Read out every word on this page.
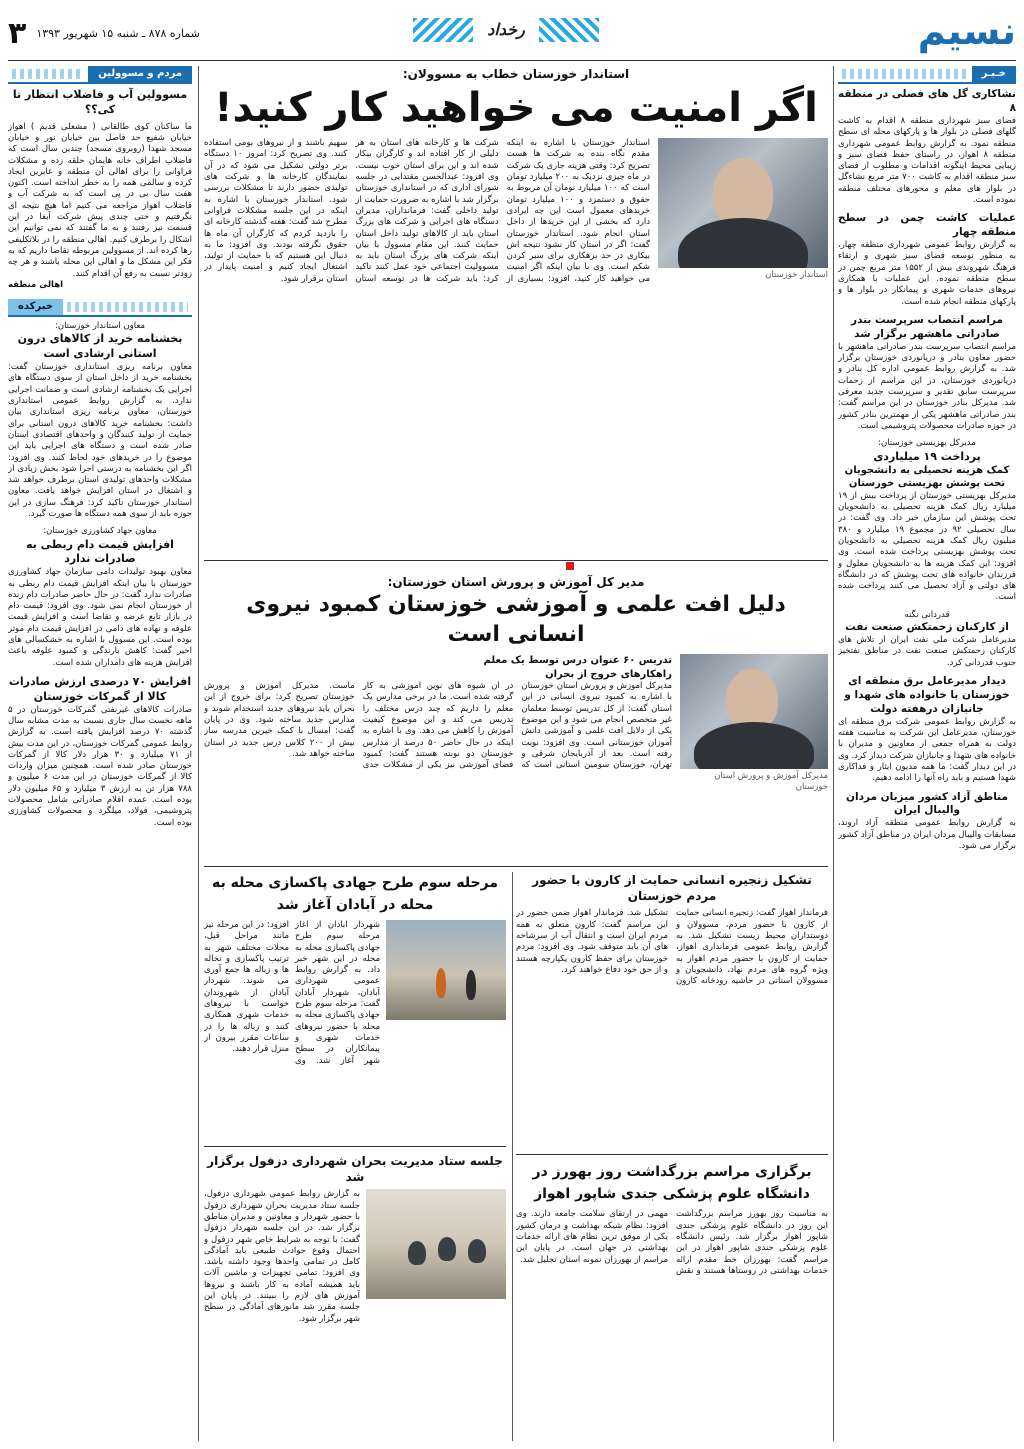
نسیم
رخداد
شماره ۸۷۸ ـ شنبه ۱۵ شهریور ۱۳۹۳
۳
خـبـر
نشاکاری گل های فصلی در منطقه ۸

فضای سبز شهرداری منطقه ۸ اقدام به کاشت گلهای فصلی در بلوار ها و پارکهای محله ای سطح منطقه نمود. به گزارش روابط عمومی شهرداری منطقه ۸ اهواز، در راستای حفظ فضای سبز و زیبایی محیط اینگونه اقدامات و مطلوب از فضای سبز منطقه اقدام به کاشت ۷۰۰ متر مربع نشاءگل در بلوار های معلم و محورهای مختلف منطقه نموده است.

عملیات کاشت چمن در سطح منطقه چهار

به گزارش روابط عمومی شهرداری منطقه چهار، به منظور توسعه فضای سبز شهری و ارتقاء فرهنگ شهروندی بیش از ۱۵۵۲ متر مربع چمن در سطح منطقه نموده. این عملیات با همکاری نیروهای خدمات شهری و پیمانکار در بلوار ها و پارکهای منطقه انجام شده است.

مراسم انتصاب سرپرست بندر صادراتی ماهشهر برگزار شد

مراسم انتصاب سرپرست بندر صادراتی ماهشهر با حضور معاون بنادر و دریانوردی خوزستان برگزار شد. به گزارش روابط عمومی اداره کل بنادر و دریانوردی خوزستان، در این مراسم از زحمات سرپرست سابق تقدیر و سرپرست جدید معرفی شد. مدیرکل بنادر خوزستان در این مراسم گفت: بندر صادراتی ماهشهر یکی از مهمترین بنادر کشور در حوزه صادرات محصولات پتروشیمی است.

مدیرکل بهزیستی خوزستان:
پرداخت ۱۹ میلیاردی
کمک هزینه تحصیلی به دانشجویان تحت پوشش بهزیستی خوزستان

مدیرکل بهزیستی خوزستان از پرداخت بیش از ۱۹ میلیارد ریال کمک هزینه تحصیلی به دانشجویان تحت پوشش این سازمان خبر داد. وی گفت: در سال تحصیلی ۹۲ در مجموع ۱۹ میلیارد و ۳۸۰ میلیون ریال کمک هزینه تحصیلی به دانشجویان تحت پوشش بهزیستی پرداخت شده است. وی افزود: این کمک هزینه ها به دانشجویان معلول و فرزندان خانواده های تحت پوشش که در دانشگاه های دولتی و آزاد تحصیل می کنند پرداخت شده است.

قدردانی نگنه
از کارکنان زحمتکش صنعت نفت

مدیرعامل شرکت ملی نفت ایران از تلاش های کارکنان زحمتکش صنعت نفت در مناطق نفتخیز جنوب قدردانی کرد.

دیدار مدیرعامل برق منطقه ای خوزستان با خانواده های شهدا و جانبازان درهفته دولت

به گزارش روابط عمومی شرکت برق منطقه ای خوزستان، مدیرعامل این شرکت به مناسبت هفته دولت به همراه جمعی از معاونین و مدیران با خانواده های شهدا و جانبازان شرکت دیدار کرد. وی در این دیدار گفت: ما همه مدیون ایثار و فداکاری شهدا هستیم و باید راه آنها را ادامه دهیم.

مناطق آزاد کشور میزبان مردان والیبال ایران

به گزارش روابط عمومی منطقه آزاد اروند، مسابقات والیبال مردان ایران در مناطق آزاد کشور برگزار می شود.

مردم و مسوولین
مسوولین آب و فاضلاب انتظار تا کی؟؟

ما ساکنان کوی طالقانی ( مشعلی قدیم ) اهواز خیابان شفیع حد فاصل بین خیابان نور و خیابان مسجد شهدا (روبروی مسجد) چندین سال است که فاضلاب اطراف خانه هایمان حلقه زده و مشکلات فراوانی را برای اهالی آن منطقه و عابرین ایجاد کرده و سالمی همه را به خطر انداخته است. اکنون هفت سال بی در پی است که به شرکت آب و فاضلاب اهواز مراجعه می کنیم اما هیچ نتیجه ای نگرفتیم و حتی چندی پیش شرکت آبفا در این قسمت نیز رفتند و به ما گفتند که نمی توانیم این اشکال را برطرف کنیم. اهالی منطقه را در بلاتکلیفی رها کرده اند. از مسوولین مربوطه تقاضا داریم که به فکر این مشکل ما و اهالی این محله باشند و هر چه زودتر نسبت به رفع آن اقدام کنند.

اهالی منطقه
خبرکده
معاون استاندار خوزستان:
بخشنامه خرید از کالاهای درون استانی ارشادی است

معاون برنامه ریزی استانداری خوزستان گفت: بخشنامه خرید از داخل استان از سوی دستگاه های اجرایی یک بخشنامه ارشادی است و ضمانت اجرایی ندارد. به گزارش روابط عمومی استانداری خوزستان، معاون برنامه ریزی استانداری بیان داشت: بخشنامه خرید کالاهای درون استانی برای حمایت از تولید کنندگان و واحدهای اقتصادی استان صادر شده است و دستگاه های اجرایی باید این موضوع را در خریدهای خود لحاظ کنند. وی افزود: اگر این بخشنامه به درستی اجرا شود بخش زیادی از مشکلات واحدهای تولیدی استان برطرف خواهد شد و اشتغال در استان افزایش خواهد یافت. معاون استاندار خوزستان تاکید کرد: فرهنگ سازی در این حوزه باید از سوی همه دستگاه ها صورت گیرد.

معاون جهاد کشاورزی خوزستان:
افزایش قیمت دام ربطی به صادرات ندارد

معاون بهبود تولیدات دامی سازمان جهاد کشاورزی خوزستان با بیان اینکه افزایش قیمت دام ربطی به صادرات ندارد گفت: در حال حاضر صادرات دام زنده از خوزستان انجام نمی شود. وی افزود: قیمت دام در بازار تابع عرضه و تقاضا است و افزایش قیمت علوفه و نهاده های دامی در افزایش قیمت دام موثر بوده است. این مسوول با اشاره به خشکسالی های اخیر گفت: کاهش بارندگی و کمبود علوفه باعث افزایش هزینه های دامداران شده است.

افزایش ۷۰ درصدی ارزش صادرات کالا از گمرکات خوزستان

صادرات کالاهای غیرنفتی گمرکات خوزستان در ۵ ماهه نخست سال جاری نسبت به مدت مشابه سال گذشته ۷۰ درصد افزایش یافته است. به گزارش روابط عمومی گمرکات خوزستان، در این مدت بیش از ۷۱ میلیارد و ۳۰ هزار دلار کالا از گمرکات خوزستان صادر شده است. همچنین میزان واردات کالا از گمرکات خوزستان در این مدت ۶ میلیون و ۷۸۸ هزار تن به ارزش ۳ میلیارد و ۶۵ میلیون دلار بوده است. عمده اقلام صادراتی شامل محصولات پتروشیمی، فولاد، میلگرد و محصولات کشاورزی بوده است.

استاندار خوزستان خطاب به مسوولان:
اگر امنیت می خواهید کار کنید!
استاندار خوزستان

استاندار خوزستان با اشاره به اینکه مقدم نگاه بنده به شرکت ها هست تصریح کرد: وقتی هزینه جاری یک شرکت در ماه چیزی نزدیک به ۲۰۰ میلیارد تومان است که ۱۰۰ میلیارد تومان آن مربوط به حقوق و دستمزد و ۱۰۰ میلیارد تومان خریدهای معمول است این چه ایرادی دارد که بخشی از این خریدها از داخل استان انجام شود. استاندار خوزستان گفت: اگر در استان کار نشود نتیجه اش بیکاری در حد بزهکاری برای سیر کردن شکم است. وی با بیان اینکه اگر امنیت می خواهید کار کنید، افزود: بسیاری از شرکت ها و کارخانه های استان به هر دلیلی از کار افتاده اند و کارگران بیکار شده اند و این برای استان خوب نیست. وی افزود: عبدالحسن مقتدایی در جلسه شورای اداری که در استانداری خوزستان برگزار شد با اشاره به ضرورت حمایت از تولید داخلی گفت: فرمانداران، مدیران دستگاه های اجرایی و شرکت های بزرگ استان باید از کالاهای تولید داخل استان حمایت کنند. این مقام مسوول با بیان اینکه شرکت های بزرگ استان باید به مسوولیت اجتماعی خود عمل کنند تاکید کرد: باید شرکت ها در توسعه استان سهیم باشند و از نیروهای بومی استفاده کنند. وی تصریح کرد: امروز ۱۰ دستگاه برتر دولتی تشکیل می شود که در آن نمایندگان کارخانه ها و شرکت های تولیدی حضور دارند تا مشکلات بررسی شود. استاندار خوزستان با اشاره به اینکه در این جلسه مشکلات فراوانی مطرح شد گفت: هفته گذشته کارخانه ای را بازدید کردم که کارگران آن ماه ها حقوق نگرفته بودند. وی افزود: ما به دنبال این هستیم که با حمایت از تولید، اشتغال ایجاد کنیم و امنیت پایدار در استان برقرار شود.

مدیر کل آموزش و پرورش استان خوزستان:
دلیل افت علمی و آموزشی خوزستان کمبود نیروی انسانی است
مدیرکل آموزش و پرورش استان خوزستان
تدریس ۶۰ عنوان درس توسط یک معلم
راهکارهای خروج از بحران

مدیرکل آموزش و پرورش استان خوزستان با اشاره به کمبود نیروی انسانی در این استان گفت: از کل تدریس توسط معلمان غیر متخصص انجام می شود و این موضوع یکی از دلایل افت علمی و آموزشی دانش آموزان خوزستانی است. وی افزود: نوبت رفته است. بعد از آذربایجان شرقی و تهران، خوزستان سومین استانی است که در آن شیوه های نوین آموزشی به کار گرفته شده است. ما در برخی مدارس یک معلم را داریم که چند درس مختلف را تدریس می کند و این موضوع کیفیت آموزش را کاهش می دهد. وی با اشاره به اینکه در حال حاضر ۵۰ درصد از مدارس خوزستان دو نوبته هستند گفت: کمبود فضای آموزشی نیز یکی از مشکلات جدی ماست. مدیرکل آموزش و پرورش خوزستان تصریح کرد: برای خروج از این بحران باید نیروهای جدید استخدام شوند و مدارس جدید ساخته شود. وی در پایان گفت: امسال با کمک خیرین مدرسه ساز بیش از ۲۰۰ کلاس درس جدید در استان ساخته خواهد شد.

تشکیل زنجیره انسانی حمایت از کارون با حضور مردم خوزستان

فرماندار اهواز گفت: زنجیره انسانی حمایت از کارون با حضور مردم، مسوولان و دوستداران محیط زیست تشکیل شد. به گزارش روابط عمومی فرمانداری اهواز، حمایت از کارون با حضور مردم اهواز به ویژه گروه های مردم نهاد، دانشجویان و مسوولان استانی در حاشیه رودخانه کارون تشکیل شد. فرماندار اهواز ضمن حضور در این مراسم گفت: کارون متعلق به همه مردم ایران است و انتقال آب از سرشاخه های آن باید متوقف شود. وی افزود: مردم خوزستان برای حفظ کارون یکپارچه هستند و از حق خود دفاع خواهند کرد.

برگزاری مراسم بزرگداشت روز بهورز در دانشگاه علوم پزشکی جندی شاپور اهواز

به مناسبت روز بهورز مراسم بزرگداشت این روز در دانشگاه علوم پزشکی جندی شاپور اهواز برگزار شد. رئیس دانشگاه علوم پزشکی جندی شاپور اهواز در این مراسم گفت: بهورزان خط مقدم ارائه خدمات بهداشتی در روستاها هستند و نقش مهمی در ارتقای سلامت جامعه دارند. وی افزود: نظام شبکه بهداشت و درمان کشور یکی از موفق ترین نظام های ارائه خدمات بهداشتی در جهان است. در پایان این مراسم از بهورزان نمونه استان تجلیل شد.

مرحله سوم طرح جهادی پاکسازی محله به محله در آبادان آغاز شد

شهردار آبادان از آغاز مرحله سوم طرح جهادی پاکسازی محله به محله در این شهر خبر داد. به گزارش روابط عمومی شهرداری آبادان، شهردار آبادان گفت: مرحله سوم طرح جهادی پاکسازی محله به محله با حضور نیروهای خدمات شهری و پیمانکاران در سطح شهر آغاز شد. وی افزود: در این مرحله نیز مانند مراحل قبل، محلات مختلف شهر به ترتیب پاکسازی و نخاله ها و زباله ها جمع آوری می شوند. شهردار آبادان از شهروندان خواست با نیروهای خدمات شهری همکاری کنند و زباله ها را در ساعات مقرر بیرون از منزل قرار دهند.

جلسه ستاد مدیریت بحران شهرداری دزفول برگزار شد

به گزارش روابط عمومی شهرداری دزفول، جلسه ستاد مدیریت بحران شهرداری دزفول با حضور شهردار و معاونین و مدیران مناطق برگزار شد. در این جلسه شهردار دزفول گفت: با توجه به شرایط خاص شهر دزفول و احتمال وقوع حوادث طبیعی باید آمادگی کامل در تمامی واحدها وجود داشته باشد. وی افزود: تمامی تجهیزات و ماشین آلات باید همیشه آماده به کار باشند و نیروها آموزش های لازم را ببینند. در پایان این جلسه مقرر شد مانورهای آمادگی در سطح شهر برگزار شود.
